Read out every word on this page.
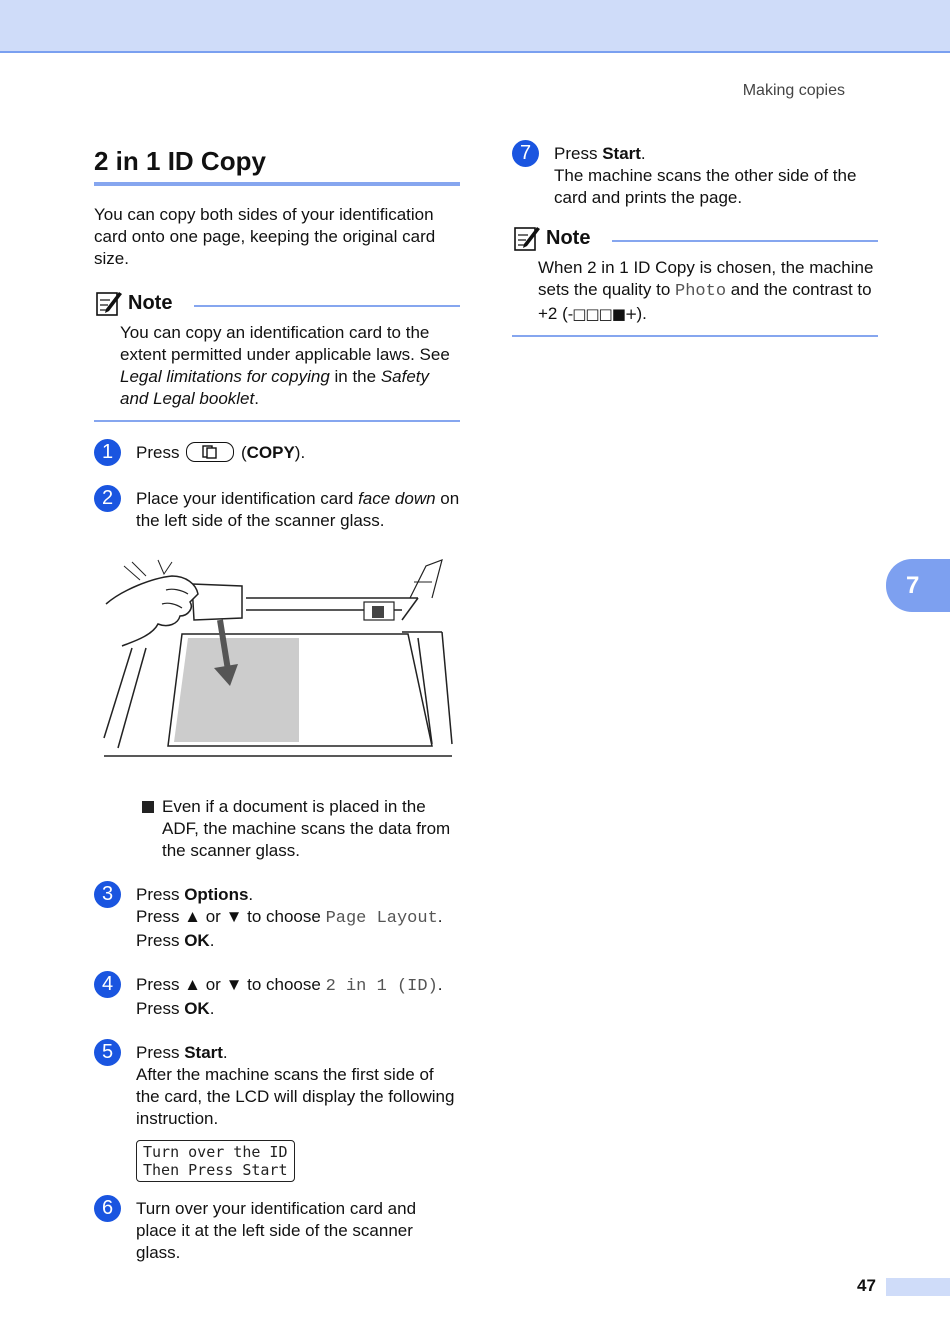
Making copies
2 in 1 ID Copy

You can copy both sides of your identification card onto one page, keeping the original card size.

Note

You can copy an identification card to the extent permitted under applicable laws. See Legal limitations for copying in the Safety and Legal booklet.

1	Press	(COPY).
2	Place your identification card face down on the left side of the scanner glass.

Even if a document is placed in the ADF, the machine scans the data from the scanner glass.

3	Press Options.

Press ▲ or ▼ to choose Page Layout.

Press OK.

4	Press ▲ or ▼ to choose 2 in 1 (ID).

Press OK.

5	Press Start.

After the machine scans the first side of the card, the LCD will display the following instruction.

Turn over the ID
Then Press Start
6	Turn over your identification card and place it at the left side of the scanner glass.

7	Press Start.

The machine scans the other side of the card and prints the page.

Note

When 2 in 1 ID Copy is chosen, the machine sets the quality to Photo and the contrast to +2 (-□□□■+).

7
47
